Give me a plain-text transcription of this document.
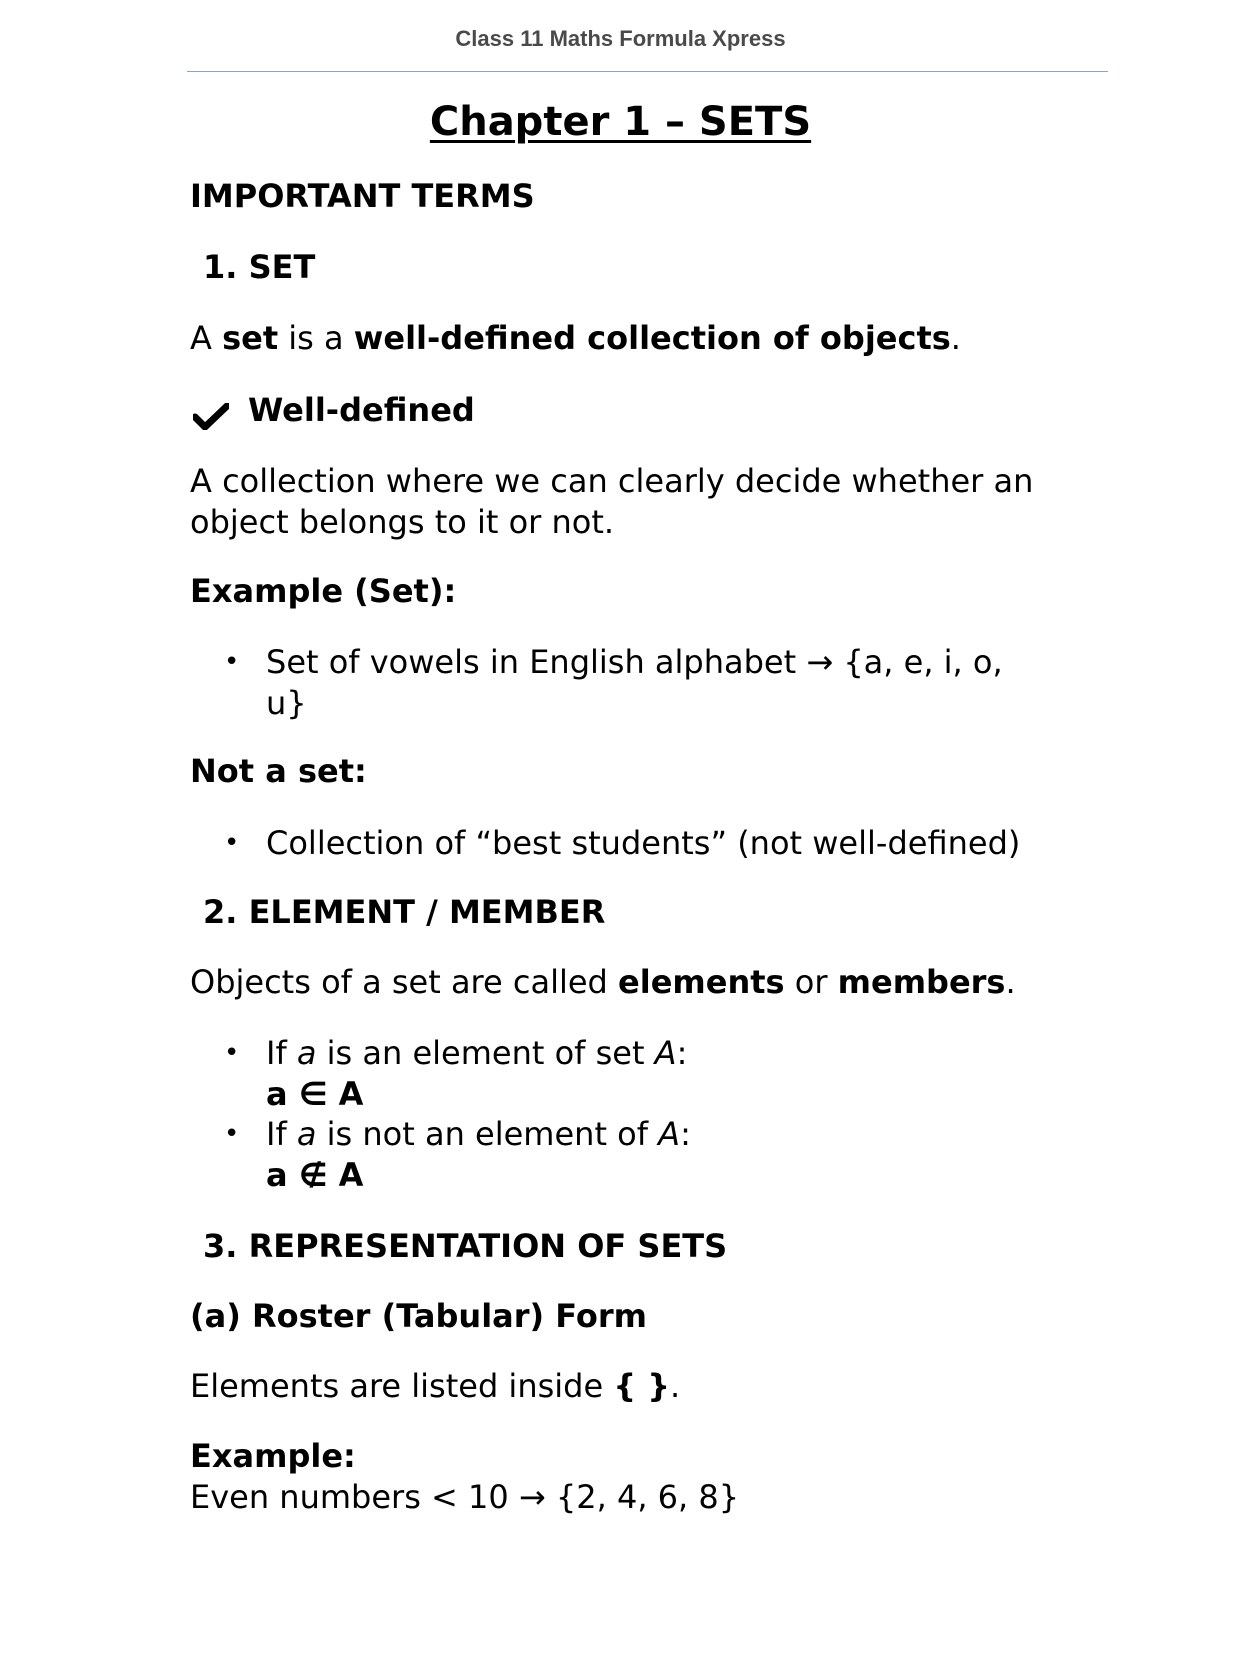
Class 11 Maths Formula Xpress
Chapter 1 – SETS
IMPORTANT TERMS
1. SET
A set is a well-defined collection of objects.
Well-defined
A collection where we can clearly decide whether an
object belongs to it or not.
Example (Set):
• Set of vowels in English alphabet → {a, e, i, o,
u}
Not a set:
• Collection of “best students” (not well-defined)
2. ELEMENT / MEMBER
Objects of a set are called elements or members.
• If a is an element of set A:
a ∈ A
• If a is not an element of A:
a ∉ A
3. REPRESENTATION OF SETS
(a) Roster (Tabular) Form
Elements are listed inside { }.
Example:
Even numbers < 10 → {2, 4, 6, 8}
